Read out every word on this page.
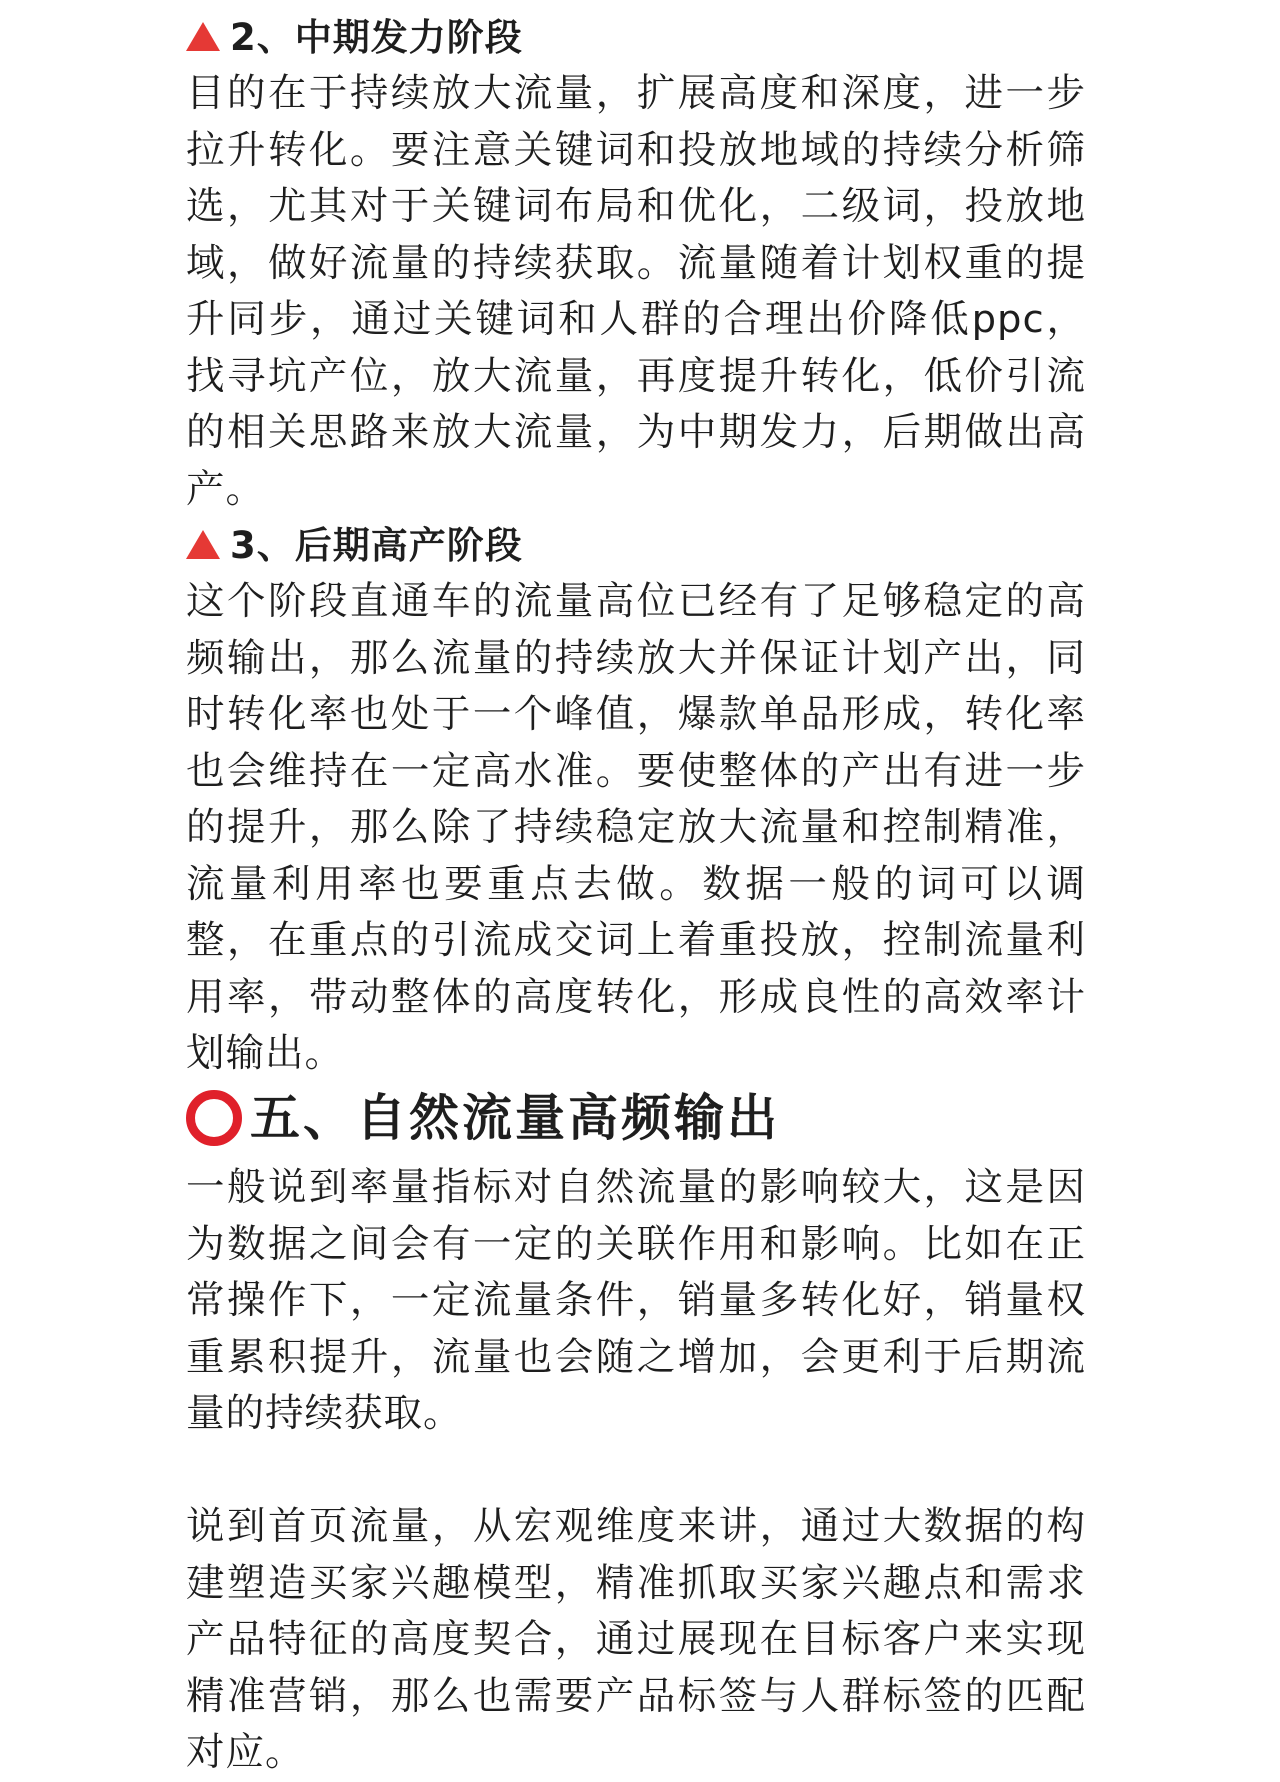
2、中期发力阶段

目的在于持续放大流量，扩展高度和深度，进一步拉升转化。要注意关键词和投放地域的持续分析筛选，尤其对于关键词布局和优化，二级词，投放地域，做好流量的持续获取。流量随着计划权重的提升同步，通过关键词和人群的合理出价降低ppc，找寻坑产位，放大流量，再度提升转化，低价引流的相关思路来放大流量，为中期发力，后期做出高产。

3、后期高产阶段

这个阶段直通车的流量高位已经有了足够稳定的高频输出，那么流量的持续放大并保证计划产出，同时转化率也处于一个峰值，爆款单品形成，转化率也会维持在一定高水准。要使整体的产出有进一步的提升，那么除了持续稳定放大流量和控制精准，流量利用率也要重点去做。数据一般的词可以调整，在重点的引流成交词上着重投放，控制流量利用率，带动整体的高度转化，形成良性的高效率计划输出。

五、自然流量高频输出

一般说到率量指标对自然流量的影响较大，这是因为数据之间会有一定的关联作用和影响。比如在正常操作下，一定流量条件，销量多转化好，销量权重累积提升，流量也会随之增加，会更利于后期流量的持续获取。

说到首页流量，从宏观维度来讲，通过大数据的构建塑造买家兴趣模型，精准抓取买家兴趣点和需求产品特征的高度契合，通过展现在目标客户来实现精准营销，那么也需要产品标签与人群标签的匹配对应。
